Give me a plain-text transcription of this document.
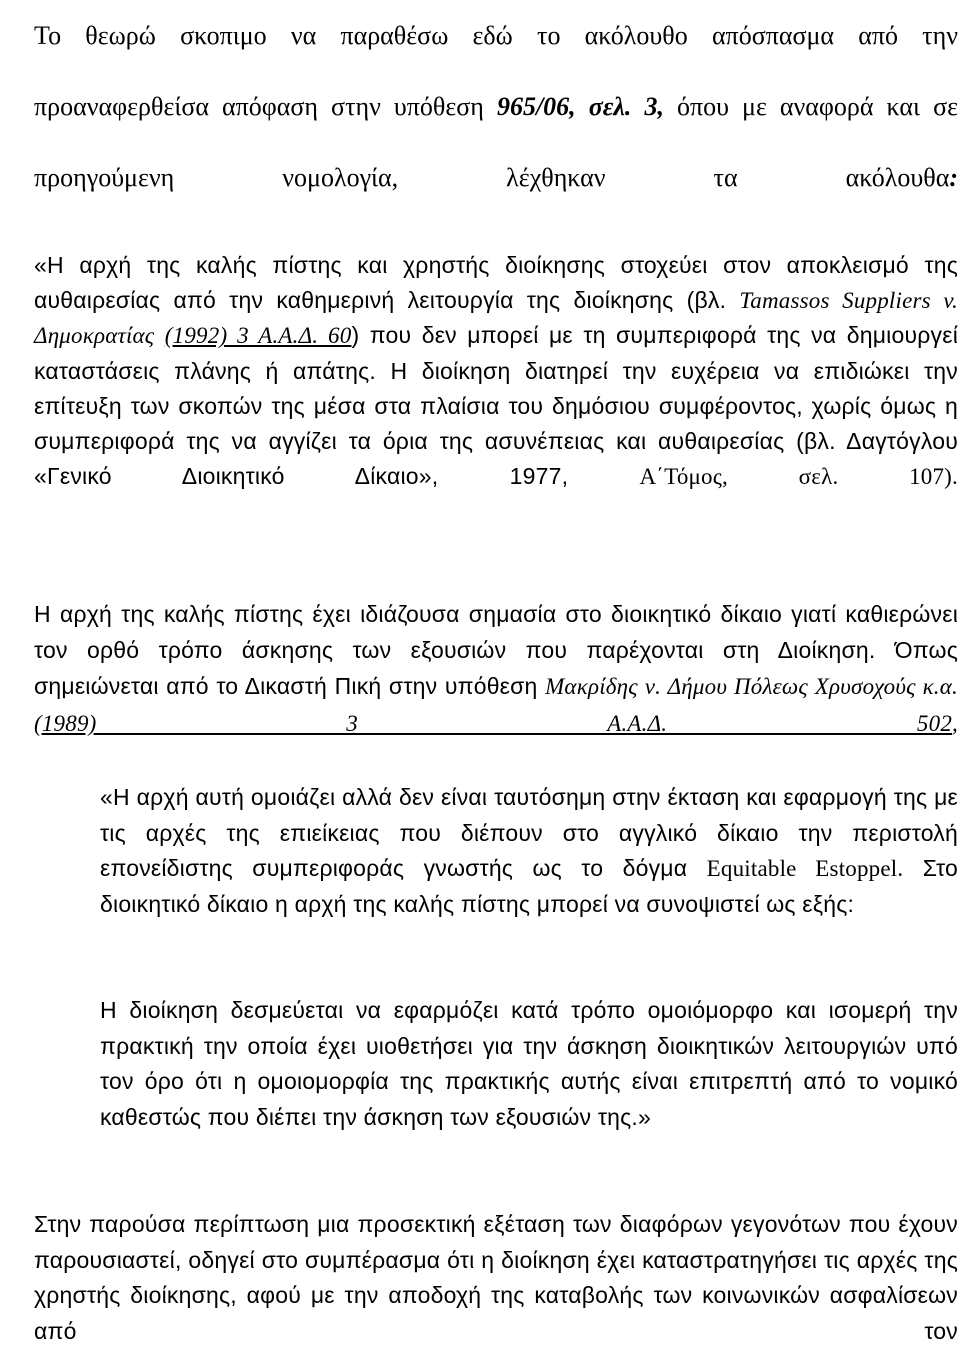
Το θεωρώ σκοπιμο να παραθέσω εδώ το ακόλουθο απόσπασμα από την προαναφερθείσα απόφαση στην υπόθεση 965/06, σελ. 3, όπου με αναφορά και σε προηγούμενη νομολογία, λέχθηκαν τα ακόλουθα:

«Η αρχή της καλής πίστης και χρηστής διοίκησης στοχεύει στον αποκλεισμό της αυθαιρεσίας από την καθημερινή λειτουργία της διοίκησης (βλ. Tamassos Suppliers v. Δημοκρατίας (1992) 3 Α.Α.Δ. 60) που δεν μπορεί με τη συμπεριφορά της να δημιουργεί καταστάσεις πλάνης ή απάτης. Η διοίκηση διατηρεί την ευχέρεια να επιδιώκει την επίτευξη των σκοπών της μέσα στα πλαίσια του δημόσιου συμφέροντος, χωρίς όμως η συμπεριφορά της να αγγίζει τα όρια της ασυνέπειας και αυθαιρεσίας (βλ. Δαγτόγλου «Γενικό Διοικητικό Δίκαιο», 1977, Α΄Τόμος, σελ. 107).

Η αρχή της καλής πίστης έχει ιδιάζουσα σημασία στο διοικητικό δίκαιο γιατί καθιερώνει τον ορθό τρόπο άσκησης των εξουσιών που παρέχονται στη Διοίκηση. Όπως σημειώνεται από το Δικαστή Πική στην υπόθεση Μακρίδης ν. Δήμου Πόλεως Χρυσοχούς κ.α. (1989) 3 Α.Α.Δ. 502,

«Η αρχή αυτή ομοιάζει αλλά δεν είναι ταυτόσημη στην έκταση και εφαρμογή της με τις αρχές της επιείκειας που διέπουν στο αγγλικό δίκαιο την περιστολή επονείδιστης συμπεριφοράς γνωστής ως το δόγμα Equitable Estoppel. Στο διοικητικό δίκαιο η αρχή της καλής πίστης μπορεί να συνοψιστεί ως εξής:

Η διοίκηση δεσμεύεται να εφαρμόζει κατά τρόπο ομοιόμορφο και ισομερή την πρακτική την οποία έχει υιοθετήσει για την άσκηση διοικητικών λειτουργιών υπό τον όρο ότι η ομοιομορφία της πρακτικής αυτής είναι επιτρεπτή από το νομικό καθεστώς που διέπει την άσκηση των εξουσιών της.»

Στην παρούσα περίπτωση μια προσεκτική εξέταση των διαφόρων γεγονότων που έχουν παρουσιαστεί, οδηγεί στο συμπέρασμα ότι η διοίκηση έχει καταστρατηγήσει τις αρχές της χρηστής διοίκησης, αφού με την αποδοχή της καταβολής των κοινωνικών ασφαλίσεων από τον
